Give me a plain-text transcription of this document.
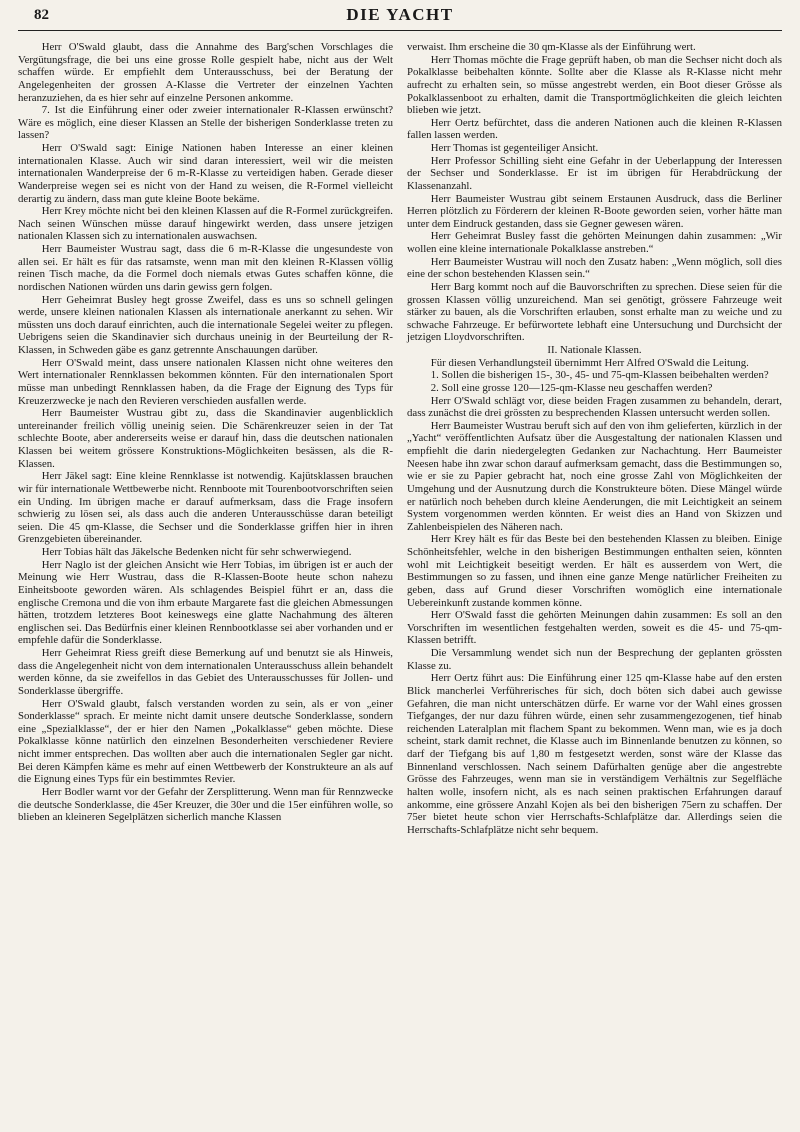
82	DIE YACHT

Herr O'Swald glaubt, dass die Annahme des Barg'schen Vorschlages die Vergütungsfrage, die bei uns eine grosse Rolle gespielt habe, nicht aus der Welt schaffen würde. Er empfiehlt dem Unterausschuss, bei der Beratung der Angelegenheiten der grossen A-Klasse die Vertreter der einzelnen Yachten heranzuziehen, da es hier sehr auf einzelne Personen ankomme.

7. Ist die Einführung einer oder zweier internationaler R-Klassen erwünscht? Wäre es möglich, eine dieser Klassen an Stelle der bisherigen Sonderklasse treten zu lassen?

Herr O'Swald sagt: Einige Nationen haben Interesse an einer kleinen internationalen Klasse. Auch wir sind daran interessiert, weil wir die meisten internationalen Wanderpreise der 6 m-R-Klasse zu verteidigen haben. Gerade dieser Wanderpreise wegen sei es nicht von der Hand zu weisen, die R-Formel vielleicht derartig zu ändern, dass man gute kleine Boote bekäme.

Herr Krey möchte nicht bei den kleinen Klassen auf die R-Formel zurückgreifen. Nach seinen Wünschen müsse darauf hingewirkt werden, dass unsere jetzigen nationalen Klassen sich zu internationalen auswachsen.

Herr Baumeister Wustrau sagt, dass die 6 m-R-Klasse die ungesundeste von allen sei. Er hält es für das ratsamste, wenn man mit den kleinen R-Klassen völlig reinen Tisch mache, da die Formel doch niemals etwas Gutes schaffen könne, die nordischen Nationen würden uns darin gewiss gern folgen.

Herr Geheimrat Busley hegt grosse Zweifel, dass es uns so schnell gelingen werde, unsere kleinen nationalen Klassen als internationale anerkannt zu sehen. Wir müssten uns doch darauf einrichten, auch die internationale Segelei weiter zu pflegen. Uebrigens seien die Skandinavier sich durchaus uneinig in der Beurteilung der R-Klassen, in Schweden gäbe es ganz getrennte Anschauungen darüber.

Herr O'Swald meint, dass unsere nationalen Klassen nicht ohne weiteres den Wert internationaler Rennklassen bekommen könnten. Für den internationalen Sport müsse man unbedingt Rennklassen haben, da die Frage der Eignung des Typs für Kreuzerzwecke je nach den Revieren verschieden ausfallen werde.

Herr Baumeister Wustrau gibt zu, dass die Skandinavier augenblicklich untereinander freilich völlig uneinig seien. Die Schärenkreuzer seien in der Tat schlechte Boote, aber andererseits weise er darauf hin, dass die deutschen nationalen Klassen bei weitem grössere Konstruktions-Möglichkeiten besässen, als die R-Klassen.

Herr Jäkel sagt: Eine kleine Rennklasse ist notwendig. Kajütsklassen brauchen wir für internationale Wettbewerbe nicht. Rennboote mit Tourenbootvorschriften seien ein Unding. Im übrigen mache er darauf aufmerksam, dass die Frage insofern schwierig zu lösen sei, als dass auch die anderen Unterausschüsse daran beteiligt seien. Die 45 qm-Klasse, die Sechser und die Sonderklasse griffen hier in ihren Grenzgebieten übereinander.

Herr Tobias hält das Jäkelsche Bedenken nicht für sehr schwerwiegend.

Herr Naglo ist der gleichen Ansicht wie Herr Tobias, im übrigen ist er auch der Meinung wie Herr Wustrau, dass die R-Klassen-Boote heute schon nahezu Einheitsboote geworden wären. Als schlagendes Beispiel führt er an, dass die englische Cremona und die von ihm erbaute Margarete fast die gleichen Abmessungen hätten, trotzdem letzteres Boot keineswegs eine glatte Nachahmung des älteren englischen sei. Das Bedürfnis einer kleinen Rennbootklasse sei aber vorhanden und er empfehle dafür die Sonderklasse.

Herr Geheimrat Riess greift diese Bemerkung auf und benutzt sie als Hinweis, dass die Angelegenheit nicht von dem internationalen Unterausschuss allein behandelt werden könne, da sie zweifellos in das Gebiet des Unterausschusses für Jollen- und Sonderklasse übergriffe.

Herr O'Swald glaubt, falsch verstanden worden zu sein, als er von „einer Sonderklasse“ sprach. Er meinte nicht damit unsere deutsche Sonderklasse, sondern eine „Spezialklasse“, der er hier den Namen „Pokalklasse“ geben möchte. Diese Pokalklasse könne natürlich den einzelnen Besonderheiten verschiedener Reviere nicht immer entsprechen. Das wollten aber auch die internationalen Segler gar nicht. Bei deren Kämpfen käme es mehr auf einen Wettbewerb der Konstrukteure an als auf die Eignung eines Typs für ein bestimmtes Revier.

Herr Bodler warnt vor der Gefahr der Zersplitterung. Wenn man für Rennzwecke die deutsche Sonderklasse, die 45er Kreuzer, die 30er und die 15er einführen wolle, so blieben an kleineren Segelplätzen sicherlich manche Klassen

verwaist. Ihm erscheine die 30 qm-Klasse als der Einführung wert.

Herr Thomas möchte die Frage geprüft haben, ob man die Sechser nicht doch als Pokalklasse beibehalten könnte. Sollte aber die Klasse als R-Klasse nicht mehr aufrecht zu erhalten sein, so müsse angestrebt werden, ein Boot dieser Grösse als Pokalklassenboot zu erhalten, damit die Transportmöglichkeiten die gleich leichten blieben wie jetzt.

Herr Oertz befürchtet, dass die anderen Nationen auch die kleinen R-Klassen fallen lassen werden.

Herr Thomas ist gegenteiliger Ansicht.

Herr Professor Schilling sieht eine Gefahr in der Ueberlappung der Interessen der Sechser und Sonderklasse. Er ist im übrigen für Herabdrückung der Klassenanzahl.

Herr Baumeister Wustrau gibt seinem Erstaunen Ausdruck, dass die Berliner Herren plötzlich zu Förderern der kleinen R-Boote geworden seien, vorher hätte man unter dem Eindruck gestanden, dass sie Gegner gewesen wären.

Herr Geheimrat Busley fasst die gehörten Meinungen dahin zusammen: „Wir wollen eine kleine internationale Pokalklasse anstreben.“

Herr Baumeister Wustrau will noch den Zusatz haben: „Wenn möglich, soll dies eine der schon bestehenden Klassen sein.“

Herr Barg kommt noch auf die Bauvorschriften zu sprechen. Diese seien für die grossen Klassen völlig unzureichend. Man sei genötigt, grössere Fahrzeuge weit stärker zu bauen, als die Vorschriften erlauben, sonst erhalte man zu weiche und zu schwache Fahrzeuge. Er befürwortete lebhaft eine Untersuchung und Durchsicht der jetzigen Lloydvorschriften.

II. Nationale Klassen.

Für diesen Verhandlungsteil übernimmt Herr Alfred O'Swald die Leitung.

1. Sollen die bisherigen 15-, 30-, 45- und 75-qm-Klassen beibehalten werden?

2. Soll eine grosse 120—125-qm-Klasse neu geschaffen werden?

Herr O'Swald schlägt vor, diese beiden Fragen zusammen zu behandeln, derart, dass zunächst die drei grössten zu besprechenden Klassen untersucht werden sollen.

Herr Baumeister Wustrau beruft sich auf den von ihm gelieferten, kürzlich in der „Yacht“ veröffentlichten Aufsatz über die Ausgestaltung der nationalen Klassen und empfiehlt die darin niedergelegten Gedanken zur Nachachtung. Herr Baumeister Neesen habe ihn zwar schon darauf aufmerksam gemacht, dass die Bestimmungen so, wie er sie zu Papier gebracht hat, noch eine grosse Zahl von Möglichkeiten der Umgehung und der Ausnutzung durch die Konstrukteure böten. Diese Mängel würde er natürlich noch beheben durch kleine Aenderungen, die mit Leichtigkeit an seinem System vorgenommen werden könnten. Er weist dies an Hand von Skizzen und Zahlenbeispielen des Näheren nach.

Herr Krey hält es für das Beste bei den bestehenden Klassen zu bleiben. Einige Schönheitsfehler, welche in den bisherigen Bestimmungen enthalten seien, könnten wohl mit Leichtigkeit beseitigt werden. Er hält es ausserdem von Wert, die Bestimmungen so zu fassen, und ihnen eine ganze Menge natürlicher Freiheiten zu geben, dass auf Grund dieser Vorschriften womöglich eine internationale Uebereinkunft zustande kommen könne.

Herr O'Swald fasst die gehörten Meinungen dahin zusammen: Es soll an den Vorschriften im wesentlichen festgehalten werden, soweit es die 45- und 75-qm-Klassen betrifft.

Die Versammlung wendet sich nun der Besprechung der geplanten grössten Klasse zu.

Herr Oertz führt aus: Die Einführung einer 125 qm-Klasse habe auf den ersten Blick mancherlei Verführerisches für sich, doch böten sich dabei auch gewisse Gefahren, die man nicht unterschätzen dürfe. Er warne vor der Wahl eines grossen Tiefganges, der nur dazu führen würde, einen sehr zusammengezogenen, tief hinab reichenden Lateralplan mit flachem Spant zu bekommen. Wenn man, wie es ja doch scheint, stark damit rechnet, die Klasse auch im Binnenlande benutzen zu können, so darf der Tiefgang bis auf 1,80 m festgesetzt werden, sonst wäre der Klasse das Binnenland verschlossen. Nach seinem Dafürhalten genüge aber die angestrebte Grösse des Fahrzeuges, wenn man sie in verständigem Verhältnis zur Segelfläche halten wolle, insofern nicht, als es nach seinen praktischen Erfahrungen darauf ankomme, eine grössere Anzahl Kojen als bei den bisherigen 75ern zu schaffen. Der 75er bietet heute schon vier Herrschafts-Schlafplätze dar. Allerdings seien die Herrschafts-Schlafplätze nicht sehr bequem.
